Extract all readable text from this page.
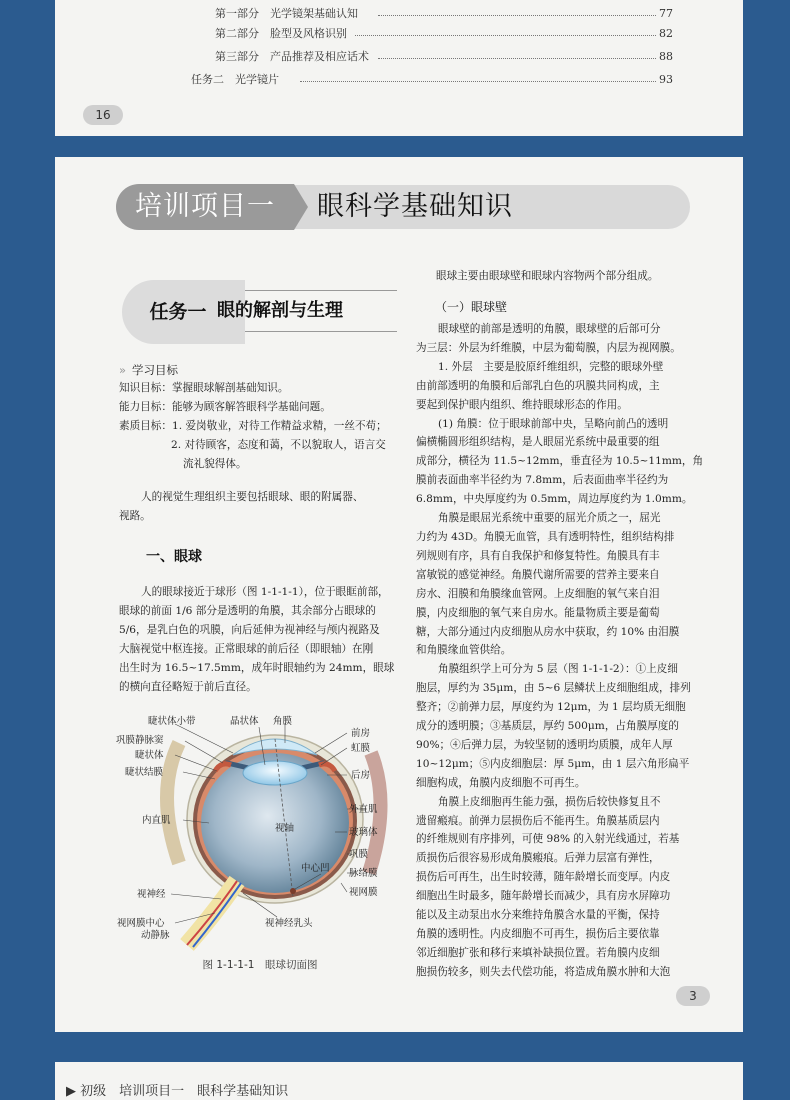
第一部分　光学镜架基础认知	77
第二部分　脸型及风格识别	82
第三部分　产品推荐及相应话术	88
任务二　光学镜片	93
16
培训项目一	眼科学基础知识
任务一 眼的解剖与生理
» 学习目标

知识目标：掌握眼球解剖基础知识。

能力目标：能够为顾客解答眼科学基础问题。

素质目标：1. 爱岗敬业，对待工作精益求精，一丝不苟；

2. 对待顾客，态度和蔼，不以貌取人，语言交

流礼貌得体。

人的视觉生理组织主要包括眼球、眼的附属器、

视路。

一、眼球

人的眼球接近于球形（图 1-1-1-1），位于眼眶前部，

眼球的前面 1/6 部分是透明的角膜，其余部分占眼球的

5/6，是乳白色的巩膜，向后延伸为视神经与颅内视路及

大脑视觉中枢连接。正常眼球的前后径（即眼轴）在刚

出生时为 16.5~17.5mm，成年时眼轴约为 24mm，眼球

的横向直径略短于前后直径。

睫状体小带	晶状体 角膜
巩膜静脉窦
睫状体
睫状结膜
内直肌
视神经
视网膜中心动静脉
前房
虹膜
后房
外直肌
玻璃体
巩膜
脉络膜
视网膜
视神经乳头
中心凹
视轴
图 1-1-1-1　眼球切面图

眼球主要由眼球壁和眼球内容物两个部分组成。

（一）眼球壁

眼球壁的前部是透明的角膜，眼球壁的后部可分

为三层：外层为纤维膜，中层为葡萄膜，内层为视网膜。

1. 外层　主要是胶原纤维组织，完整的眼球外壁

由前部透明的角膜和后部乳白色的巩膜共同构成，主

要起到保护眼内组织、维持眼球形态的作用。

(1) 角膜：位于眼球前部中央，呈略向前凸的透明

偏横椭圆形组织结构，是人眼屈光系统中最重要的组

成部分，横径为 11.5~12mm，垂直径为 10.5~11mm，角

膜前表面曲率半径约为 7.8mm，后表面曲率半径约为

6.8mm，中央厚度约为 0.5mm，周边厚度约为 1.0mm。

角膜是眼屈光系统中重要的屈光介质之一，屈光

力约为 43D。角膜无血管，具有透明特性，组织结构排

列规则有序，具有自我保护和修复特性。角膜具有丰

富敏锐的感觉神经。角膜代谢所需要的营养主要来自

房水、泪膜和角膜缘血管网。上皮细胞的氧气来自泪

膜，内皮细胞的氧气来自房水。能量物质主要是葡萄

糖，大部分通过内皮细胞从房水中获取，约 10% 由泪膜

和角膜缘血管供给。

角膜组织学上可分为 5 层（图 1-1-1-2）：①上皮细

胞层，厚约为 35μm，由 5~6 层鳞状上皮细胞组成，排列

整齐；②前弹力层，厚度约为 12μm，为 1 层均质无细胞

成分的透明膜；③基质层，厚约 500μm，占角膜厚度的

90%；④后弹力层，为较坚韧的透明均质膜，成年人厚

10~12μm；⑤内皮细胞层：厚 5μm，由 1 层六角形扁平

细胞构成，角膜内皮细胞不可再生。

角膜上皮细胞再生能力强，损伤后较快修复且不

遗留瘢痕。前弹力层损伤后不能再生。角膜基质层内

的纤维规则有序排列，可使 98% 的入射光线通过，若基

质损伤后很容易形成角膜瘢痕。后弹力层富有弹性，

损伤后可再生，出生时较薄，随年龄增长而变厚。内皮

细胞出生时最多，随年龄增长而减少，具有房水屏障功

能以及主动泵出水分来维持角膜含水量的平衡，保持

角膜的透明性。内皮细胞不可再生，损伤后主要依靠

邻近细胞扩张和移行来填补缺损位置。若角膜内皮细

胞损伤较多，则失去代偿功能，将造成角膜水肿和大泡

3
▶ 初级　培训项目一　眼科学基础知识
